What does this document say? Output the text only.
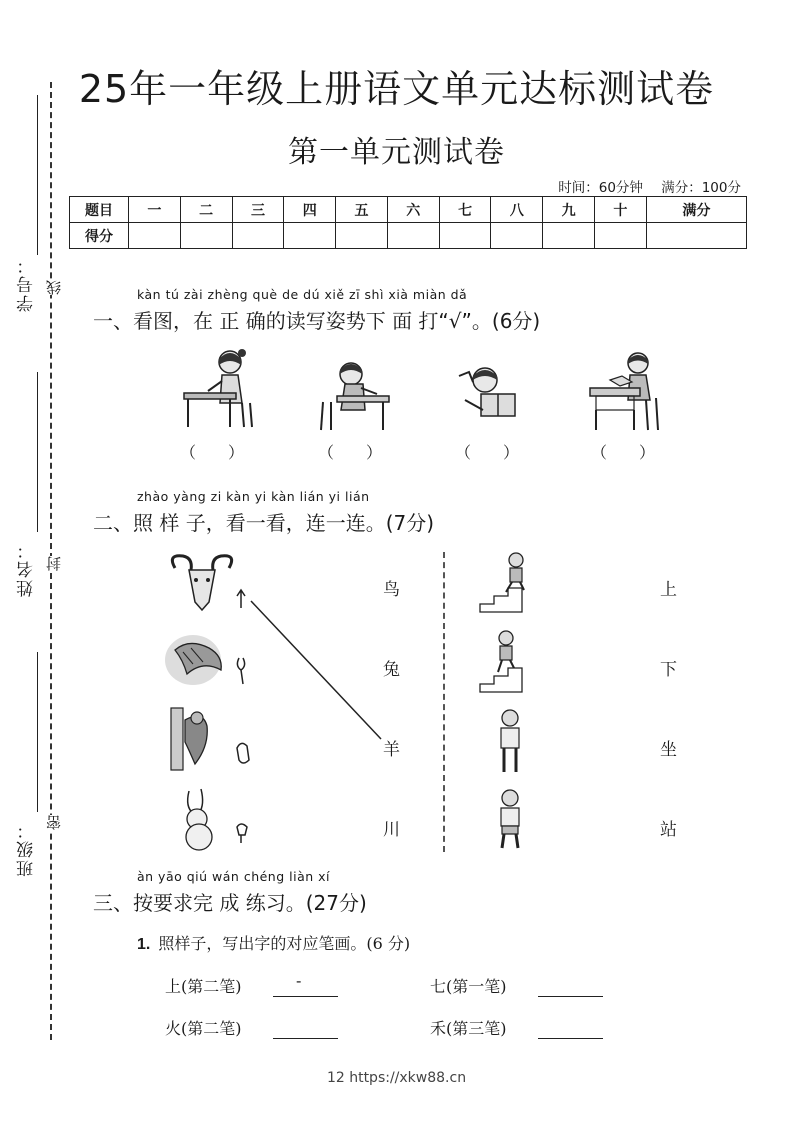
学号： 线
姓名： 封
班级： 密
25年一年级上册语文单元达标测试卷
第一单元测试卷
时间：60分钟 满分：100分
题目	一	二	三	四	五	六	七	八	九	十	满分
得分											
kàn tú zài zhèng què de dú xiě zī shì xià miàn dǎ
一、看图，在 正 确的读写姿势下 面 打“√”。(6分)
（　　）	（　　）	（　　）	（　　）
zhào yàng zi kàn yi kàn lián yi lián
二、照 样 子，看一看，连一连。(7分)
鸟
兔
羊
川
上
下
坐
站
àn yāo qiú wán chéng liàn xí
三、按要求完 成 练习。(27分)
1. 照样子，写出字的对应笔画。(6 分)
上(第二笔)	-	七(第一笔)
火(第二笔)	禾(第三笔)
12 https://xkw88.cn
